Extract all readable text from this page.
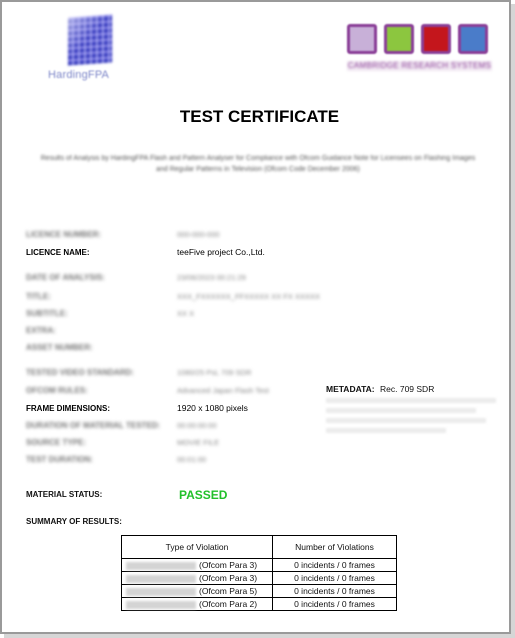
HardingFPA
CAMBRIDGE RESEARCH SYSTEMS
TEST CERTIFICATE
Results of Analysis by HardingFPA Flash and Pattern Analyser for Compliance with Ofcom Guidance Note for Licensees on Flashing Images and Regular Patterns in Television (Ofcom Code December 2006)
LICENCE NUMBER:	000-000-000
LICENCE NAME:	teeFive project Co.,Ltd.
DATE OF ANALYSIS:	23/06/2023 00:21:29
TITLE:	XXX_FXXXXXX_FFXXXXX XX FX XXXXX
SUBTITLE:	XX X
EXTRA:
ASSET NUMBER:
TESTED VIDEO STANDARD:	1080/25 PsL 709 SDR
OFCOM RULES:	Advanced Japan Flash Test
FRAME DIMENSIONS:	1920 x 1080 pixels
DURATION OF MATERIAL TESTED: 00:00:00:00
SOURCE TYPE:	MOVIE FILE
TEST DURATION:	00:01:00
METADATA: Rec. 709 SDR
MATERIAL STATUS:	PASSED
SUMMARY OF RESULTS:
Type of Violation	Number of Violations
(Ofcom Para 3)	0 incidents / 0 frames
(Ofcom Para 3)	0 incidents / 0 frames
(Ofcom Para 5)	0 incidents / 0 frames
(Ofcom Para 2)	0 incidents / 0 frames
